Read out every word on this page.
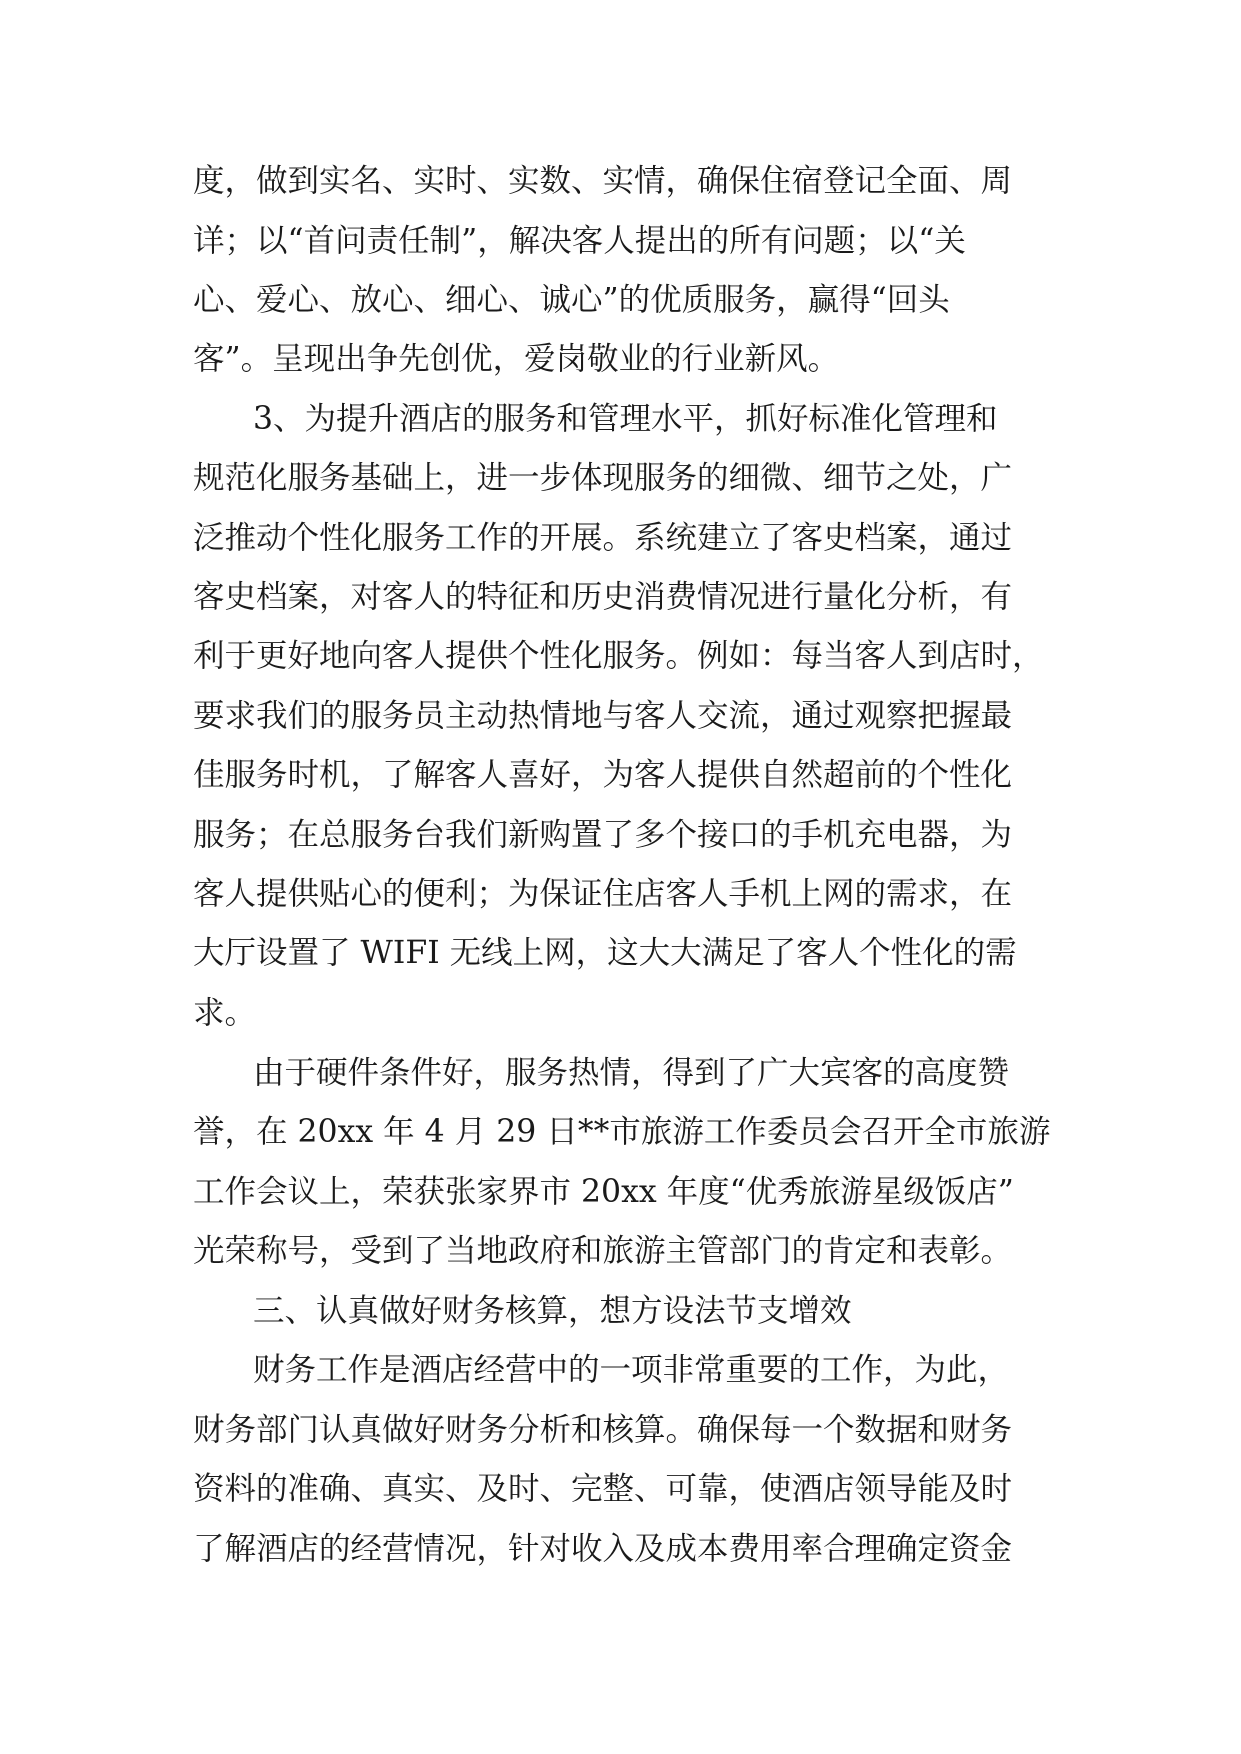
度，做到实名、实时、实数、实情，确保住宿登记全面、周
详；以“首问责任制”，解决客人提出的所有问题；以“关
心、爱心、放心、细心、诚心”的优质服务，赢得“回头
客”。呈现出争先创优，爱岗敬业的行业新风。
3、为提升酒店的服务和管理水平，抓好标准化管理和
规范化服务基础上，进一步体现服务的细微、细节之处，广
泛推动个性化服务工作的开展。系统建立了客史档案，通过
客史档案，对客人的特征和历史消费情况进行量化分析，有
利于更好地向客人提供个性化服务。例如：每当客人到店时，
要求我们的服务员主动热情地与客人交流，通过观察把握最
佳服务时机，了解客人喜好，为客人提供自然超前的个性化
服务；在总服务台我们新购置了多个接口的手机充电器，为
客人提供贴心的便利；为保证住店客人手机上网的需求，在
大厅设置了 WIFI 无线上网，这大大满足了客人个性化的需
求。
由于硬件条件好，服务热情，得到了广大宾客的高度赞
誉，在 20xx 年 4 月 29 日**市旅游工作委员会召开全市旅游
工作会议上，荣获张家界市 20xx 年度“优秀旅游星级饭店”
光荣称号，受到了当地政府和旅游主管部门的肯定和表彰。
三、认真做好财务核算，想方设法节支增效
财务工作是酒店经营中的一项非常重要的工作，为此，
财务部门认真做好财务分析和核算。确保每一个数据和财务
资料的准确、真实、及时、完整、可靠，使酒店领导能及时
了解酒店的经营情况，针对收入及成本费用率合理确定资金
